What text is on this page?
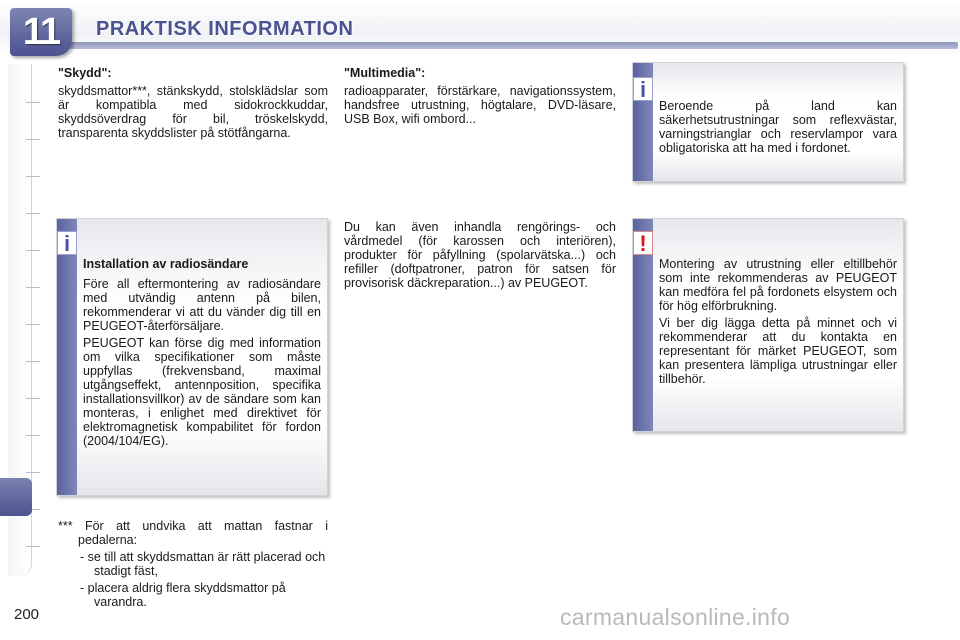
11	PRAKTISK INFORMATION
200

"Skydd":

skyddsmattor***, stänkskydd, stolsklädslar som är kompatibla med sidokrockkuddar, skyddsöverdrag för bil, tröskelskydd, transparenta skyddslister på stötfångarna.

i

Installation av radiosändare

Före all eftermontering av radiosändare med utvändig antenn på bilen, rekommenderar vi att du vänder dig till en PEUGEOT-återförsäljare.

PEUGEOT kan förse dig med information om vilka specifikationer som måste uppfyllas (frekvensband, maximal utgångseffekt, antennposition, specifika installationsvillkor) av de sändare som kan monteras, i enlighet med direktivet för elektromagnetisk kompabilitet för fordon (2004/104/EG).

*** För att undvika att mattan fastnar i pedalerna:

- se till att skyddsmattan är rätt placerad och stadigt fäst,

- placera aldrig flera skyddsmattor på varandra.

"Multimedia":

radioapparater, förstärkare, navigationssystem, handsfree utrustning, högtalare, DVD-läsare, USB Box, wifi ombord...

Du kan även inhandla rengörings- och vårdmedel (för karossen och interiören), produkter för påfyllning (spolarvätska...) och refiller (doftpatroner, patron för satsen för provisorisk däckreparation...) av PEUGEOT.

i
Beroende på land kan säkerhetsutrustningar som reflexvästar, varningstrianglar och reservlampor vara obligatoriska att ha med i fordonet.
!

Montering av utrustning eller eltillbehör som inte rekommenderas av PEUGEOT kan medföra fel på fordonets elsystem och för hög elförbrukning.

Vi ber dig lägga detta på minnet och vi rekommenderar att du kontakta en representant för märket PEUGEOT, som kan presentera lämpliga utrustningar eller tillbehör.

carmanualsonline.info
